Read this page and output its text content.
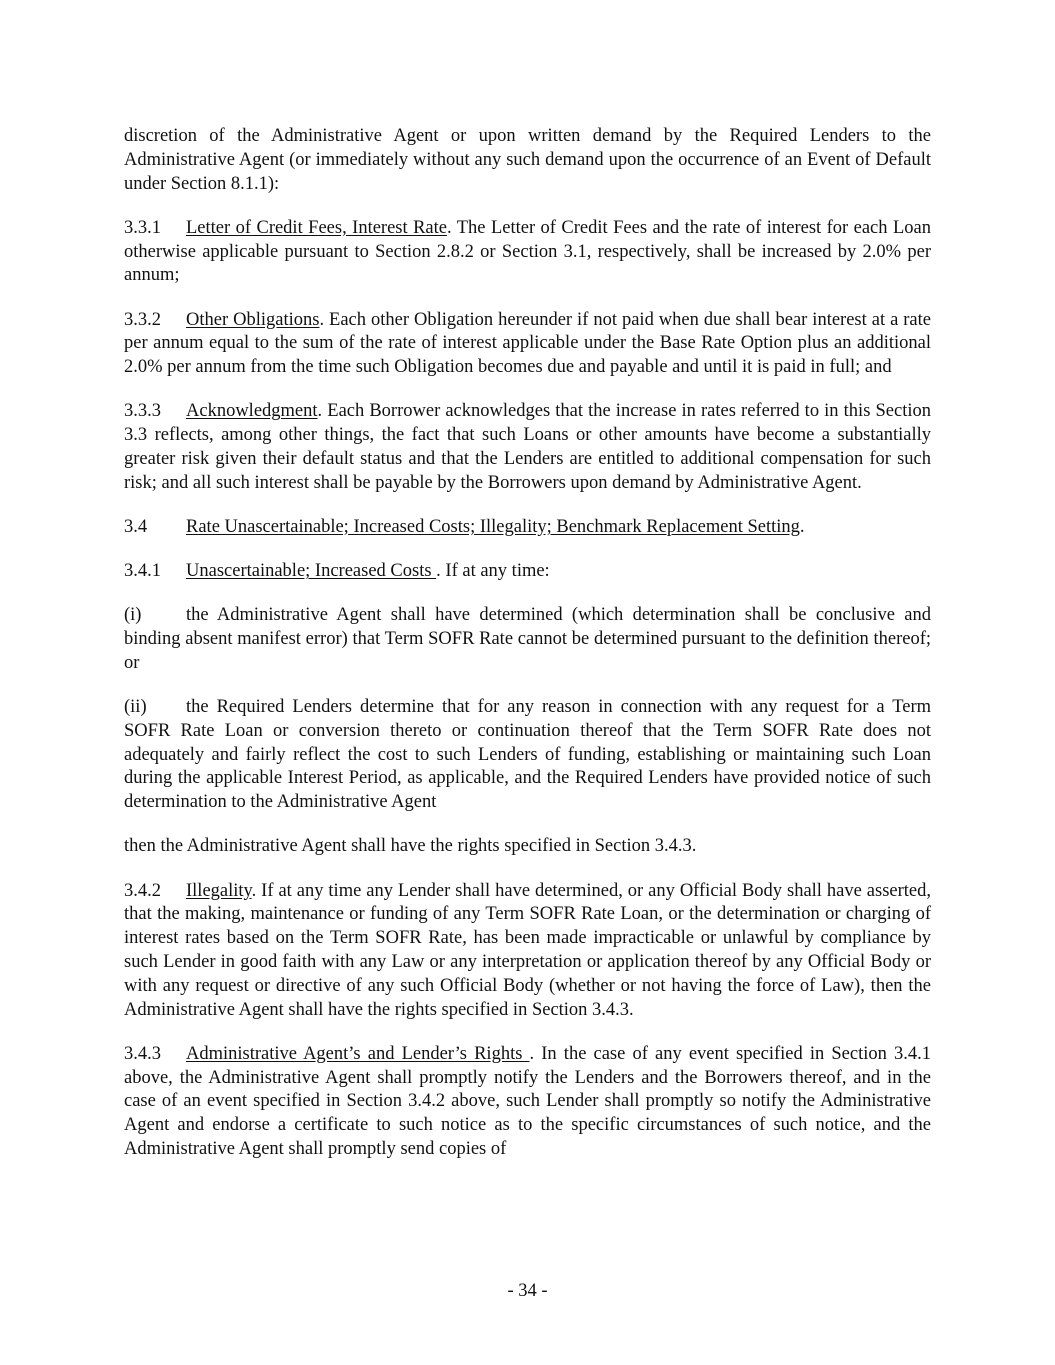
discretion of the Administrative Agent or upon written demand by the Required Lenders to the Administrative Agent (or immediately without any such demand upon the occurrence of an Event of Default under Section 8.1.1):

3.3.1 Letter of Credit Fees, Interest Rate. The Letter of Credit Fees and the rate of interest for each Loan otherwise applicable pursuant to Section 2.8.2 or Section 3.1, respectively, shall be increased by 2.0% per annum;

3.3.2 Other Obligations. Each other Obligation hereunder if not paid when due shall bear interest at a rate per annum equal to the sum of the rate of interest applicable under the Base Rate Option plus an additional 2.0% per annum from the time such Obligation becomes due and payable and until it is paid in full; and

3.3.3 Acknowledgment. Each Borrower acknowledges that the increase in rates referred to in this Section 3.3 reflects, among other things, the fact that such Loans or other amounts have become a substantially greater risk given their default status and that the Lenders are entitled to additional compensation for such risk; and all such interest shall be payable by the Borrowers upon demand by Administrative Agent.

3.4 Rate Unascertainable; Increased Costs; Illegality; Benchmark Replacement Setting.

3.4.1 Unascertainable; Increased Costs . If at any time:

(i) the Administrative Agent shall have determined (which determination shall be conclusive and binding absent manifest error) that Term SOFR Rate cannot be determined pursuant to the definition thereof; or

(ii) the Required Lenders determine that for any reason in connection with any request for a Term SOFR Rate Loan or conversion thereto or continuation thereof that the Term SOFR Rate does not adequately and fairly reflect the cost to such Lenders of funding, establishing or maintaining such Loan during the applicable Interest Period, as applicable, and the Required Lenders have provided notice of such determination to the Administrative Agent

then the Administrative Agent shall have the rights specified in Section 3.4.3.

3.4.2 Illegality. If at any time any Lender shall have determined, or any Official Body shall have asserted, that the making, maintenance or funding of any Term SOFR Rate Loan, or the determination or charging of interest rates based on the Term SOFR Rate, has been made impracticable or unlawful by compliance by such Lender in good faith with any Law or any interpretation or application thereof by any Official Body or with any request or directive of any such Official Body (whether or not having the force of Law), then the Administrative Agent shall have the rights specified in Section 3.4.3.

3.4.3 Administrative Agent’s and Lender’s Rights . In the case of any event specified in Section 3.4.1 above, the Administrative Agent shall promptly notify the Lenders and the Borrowers thereof, and in the case of an event specified in Section 3.4.2 above, such Lender shall promptly so notify the Administrative Agent and endorse a certificate to such notice as to the specific circumstances of such notice, and the Administrative Agent shall promptly send copies of

- 34 -
